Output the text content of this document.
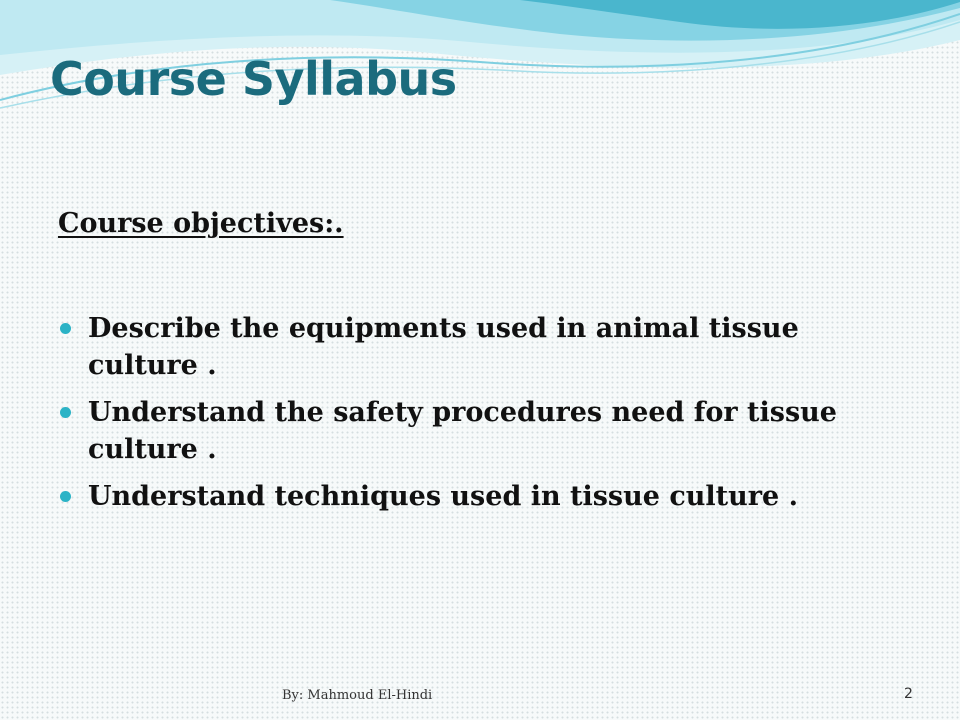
Course Syllabus
Course objectives:.
Describe the equipments used in animal tissue culture .
Understand the safety procedures need for tissue culture .
Understand techniques used in tissue culture .
By: Mahmoud El-Hindi	2
